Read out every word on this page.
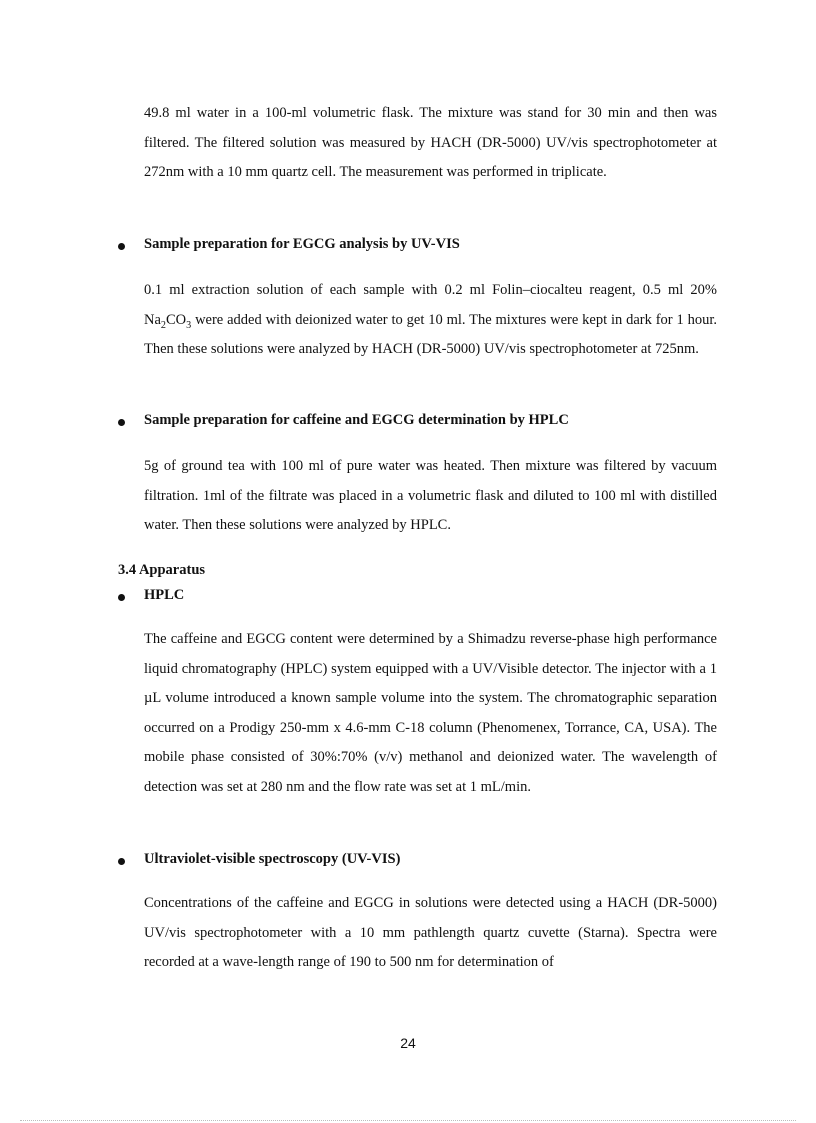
49.8 ml water in a 100-ml volumetric flask. The mixture was stand for 30 min and then was filtered. The filtered solution was measured by HACH (DR-5000) UV/vis spectrophotometer at 272nm with a 10 mm quartz cell. The measurement was performed in triplicate.

Sample preparation for EGCG analysis by UV-VIS

0.1 ml extraction solution of each sample with 0.2 ml Folin–ciocalteu reagent, 0.5 ml 20% $Na_2CO_3$ were added with deionized water to get 10 ml. The mixtures were kept in dark for 1 hour. Then these solutions were analyzed by HACH (DR-5000) UV/vis spectrophotometer at 725nm.

Sample preparation for caffeine and EGCG determination by HPLC

5g of ground tea with 100 ml of pure water was heated. Then mixture was filtered by vacuum filtration. 1ml of the filtrate was placed in a volumetric flask and diluted to 100 ml with distilled water. Then these solutions were analyzed by HPLC.

3.4 Apparatus

HPLC

The caffeine and EGCG content were determined by a Shimadzu reverse-phase high performance liquid chromatography (HPLC) system equipped with a UV/Visible detector. The injector with a 1 µL volume introduced a known sample volume into the system. The chromatographic separation occurred on a Prodigy 250-mm x 4.6-mm C-18 column (Phenomenex, Torrance, CA, USA). The mobile phase consisted of 30%:70% (v/v) methanol and deionized water. The wavelength of detection was set at 280 nm and the flow rate was set at 1 mL/min.

Ultraviolet-visible spectroscopy (UV-VIS)

Concentrations of the caffeine and EGCG in solutions were detected using a HACH (DR-5000) UV/vis spectrophotometer with a 10 mm pathlength quartz cuvette (Starna). Spectra were recorded at a wave-length range of 190 to 500 nm for determination of

24
